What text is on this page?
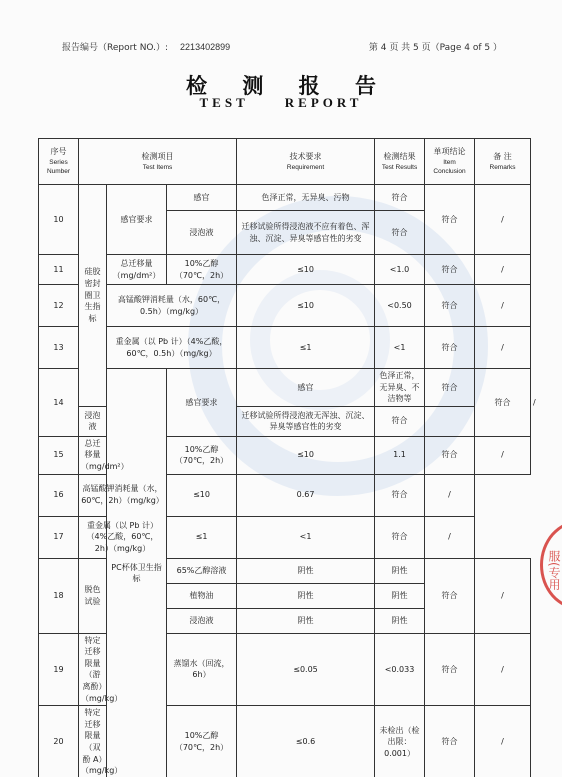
报告编号（Report NO.）: 2213402899	第 4 页 共 5 页（Page 4 of 5 ）
检 测 报 告
TEST	REPORT
服(专用
序号
Series Number	检测项目
Test Items			技术要求
Requirement	检测结果
Test Results	单项结论
Item Conclusion	备 注
Remarks	

10	硅胶密封圈卫生指标	感官要求	感官	色泽正常，无异臭、污物	符合	符合	/	
			浸泡液	迁移试验所得浸泡液不应有着色、浑浊、沉淀、异臭等感官性的劣变	符合			
11		总迁移量（mg/dm²）	10%乙醇（70℃，2h）	≤10	<1.0	符合	/	
12		高锰酸钾消耗量（水，60℃，0.5h）（mg/kg）		≤10	<0.50	符合	/	
13		重金属（以 Pb 计）（4%乙酸，60℃，0.5h）（mg/kg）		≤1	<1	符合	/	
14		PC杯体卫生指标	感官要求	感官	色泽正常，无异臭、不洁物等	符合	符合	/
	浸泡液			迁移试验所得浸泡液无浑浊、沉淀、异臭等感官性的劣变	符合			
15	总迁移量（mg/dm²）		10%乙醇（70℃，2h）	≤10	1.1	符合	/	
16	高锰酸钾消耗量（水，60℃，2h）（mg/kg）		≤10	0.67	符合	/		
17	重金属（以 Pb 计）（4%乙酸，60℃，2h）（mg/kg）		≤1	<1	符合	/		
18	脱色试验		65%乙醇溶液	阴性	阴性	符合	/	
			植物油	阴性	阴性			
			浸泡液	阴性	阴性			
19	特定迁移限量（游离酚）（mg/kg）		蒸馏水（回流，6h）	≤0.05	<0.033	符合	/	
20	特定迁移限量（双酚 A）（mg/kg）		10%乙醇（70℃，2h）	≤0.6	未检出（检出限：0.001）	符合	/	
